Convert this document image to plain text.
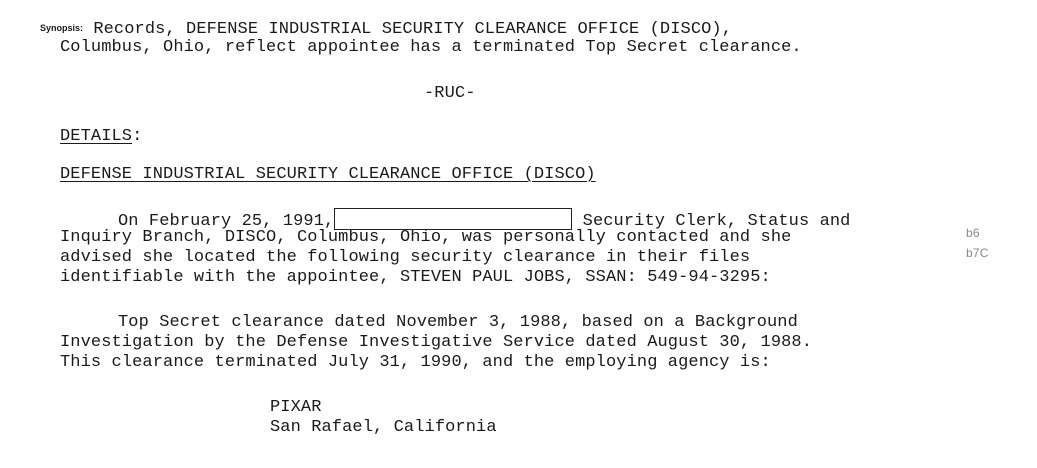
Synopsis: Records, DEFENSE INDUSTRIAL SECURITY CLEARANCE OFFICE (DISCO),
Columbus, Ohio, reflect appointee has a terminated Top Secret clearance.
-RUC-
DETAILS:
DEFENSE INDUSTRIAL SECURITY CLEARANCE OFFICE (DISCO)
On February 25, 1991,	Security Clerk, Status and
Inquiry Branch, DISCO, Columbus, Ohio, was personally contacted and she
advised she located the following security clearance in their files
identifiable with the appointee, STEVEN PAUL JOBS, SSAN: 549-94-3295:
b6
b7C
Top Secret clearance dated November 3, 1988, based on a Background
Investigation by the Defense Investigative Service dated August 30, 1988.
This clearance terminated July 31, 1990, and the employing agency is:
PIXAR
San Rafael, California
